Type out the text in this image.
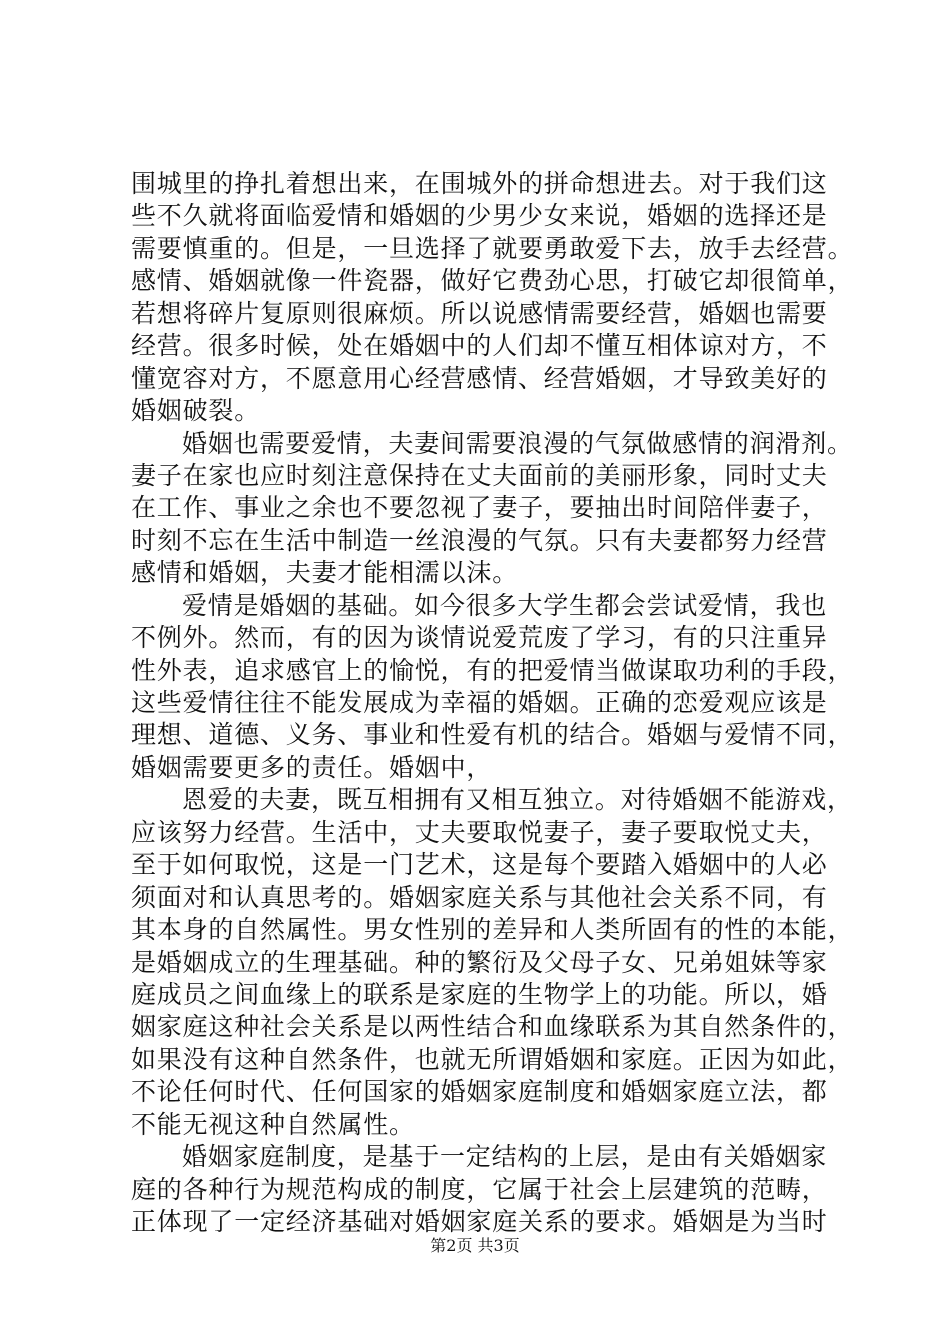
围城里的挣扎着想出来，在围城外的拼命想进去。对于我们这
些不久就将面临爱情和婚姻的少男少女来说，婚姻的选择还是
需要慎重的。但是，一旦选择了就要勇敢爱下去，放手去经营。
感情、婚姻就像一件瓷器，做好它费劲心思，打破它却很简单，
若想将碎片复原则很麻烦。所以说感情需要经营，婚姻也需要
经营。很多时候，处在婚姻中的人们却不懂互相体谅对方，不
懂宽容对方，不愿意用心经营感情、经营婚姻，才导致美好的
婚姻破裂。
婚姻也需要爱情，夫妻间需要浪漫的气氛做感情的润滑剂。
妻子在家也应时刻注意保持在丈夫面前的美丽形象，同时丈夫
在工作、事业之余也不要忽视了妻子，要抽出时间陪伴妻子，
时刻不忘在生活中制造一丝浪漫的气氛。只有夫妻都努力经营
感情和婚姻，夫妻才能相濡以沫。
爱情是婚姻的基础。如今很多大学生都会尝试爱情，我也
不例外。然而，有的因为谈情说爱荒废了学习，有的只注重异
性外表，追求感官上的愉悦，有的把爱情当做谋取功利的手段，
这些爱情往往不能发展成为幸福的婚姻。正确的恋爱观应该是
理想、道德、义务、事业和性爱有机的结合。婚姻与爱情不同，
婚姻需要更多的责任。婚姻中，
恩爱的夫妻，既互相拥有又相互独立。对待婚姻不能游戏，
应该努力经营。生活中，丈夫要取悦妻子，妻子要取悦丈夫，
至于如何取悦，这是一门艺术，这是每个要踏入婚姻中的人必
须面对和认真思考的。婚姻家庭关系与其他社会关系不同，有
其本身的自然属性。男女性别的差异和人类所固有的性的本能，
是婚姻成立的生理基础。种的繁衍及父母子女、兄弟姐妹等家
庭成员之间血缘上的联系是家庭的生物学上的功能。所以，婚
姻家庭这种社会关系是以两性结合和血缘联系为其自然条件的，
如果没有这种自然条件，也就无所谓婚姻和家庭。正因为如此，
不论任何时代、任何国家的婚姻家庭制度和婚姻家庭立法，都
不能无视这种自然属性。
婚姻家庭制度，是基于一定结构的上层，是由有关婚姻家
庭的各种行为规范构成的制度，它属于社会上层建筑的范畴，
正体现了一定经济基础对婚姻家庭关系的要求。婚姻是为当时
第2页 共3页
